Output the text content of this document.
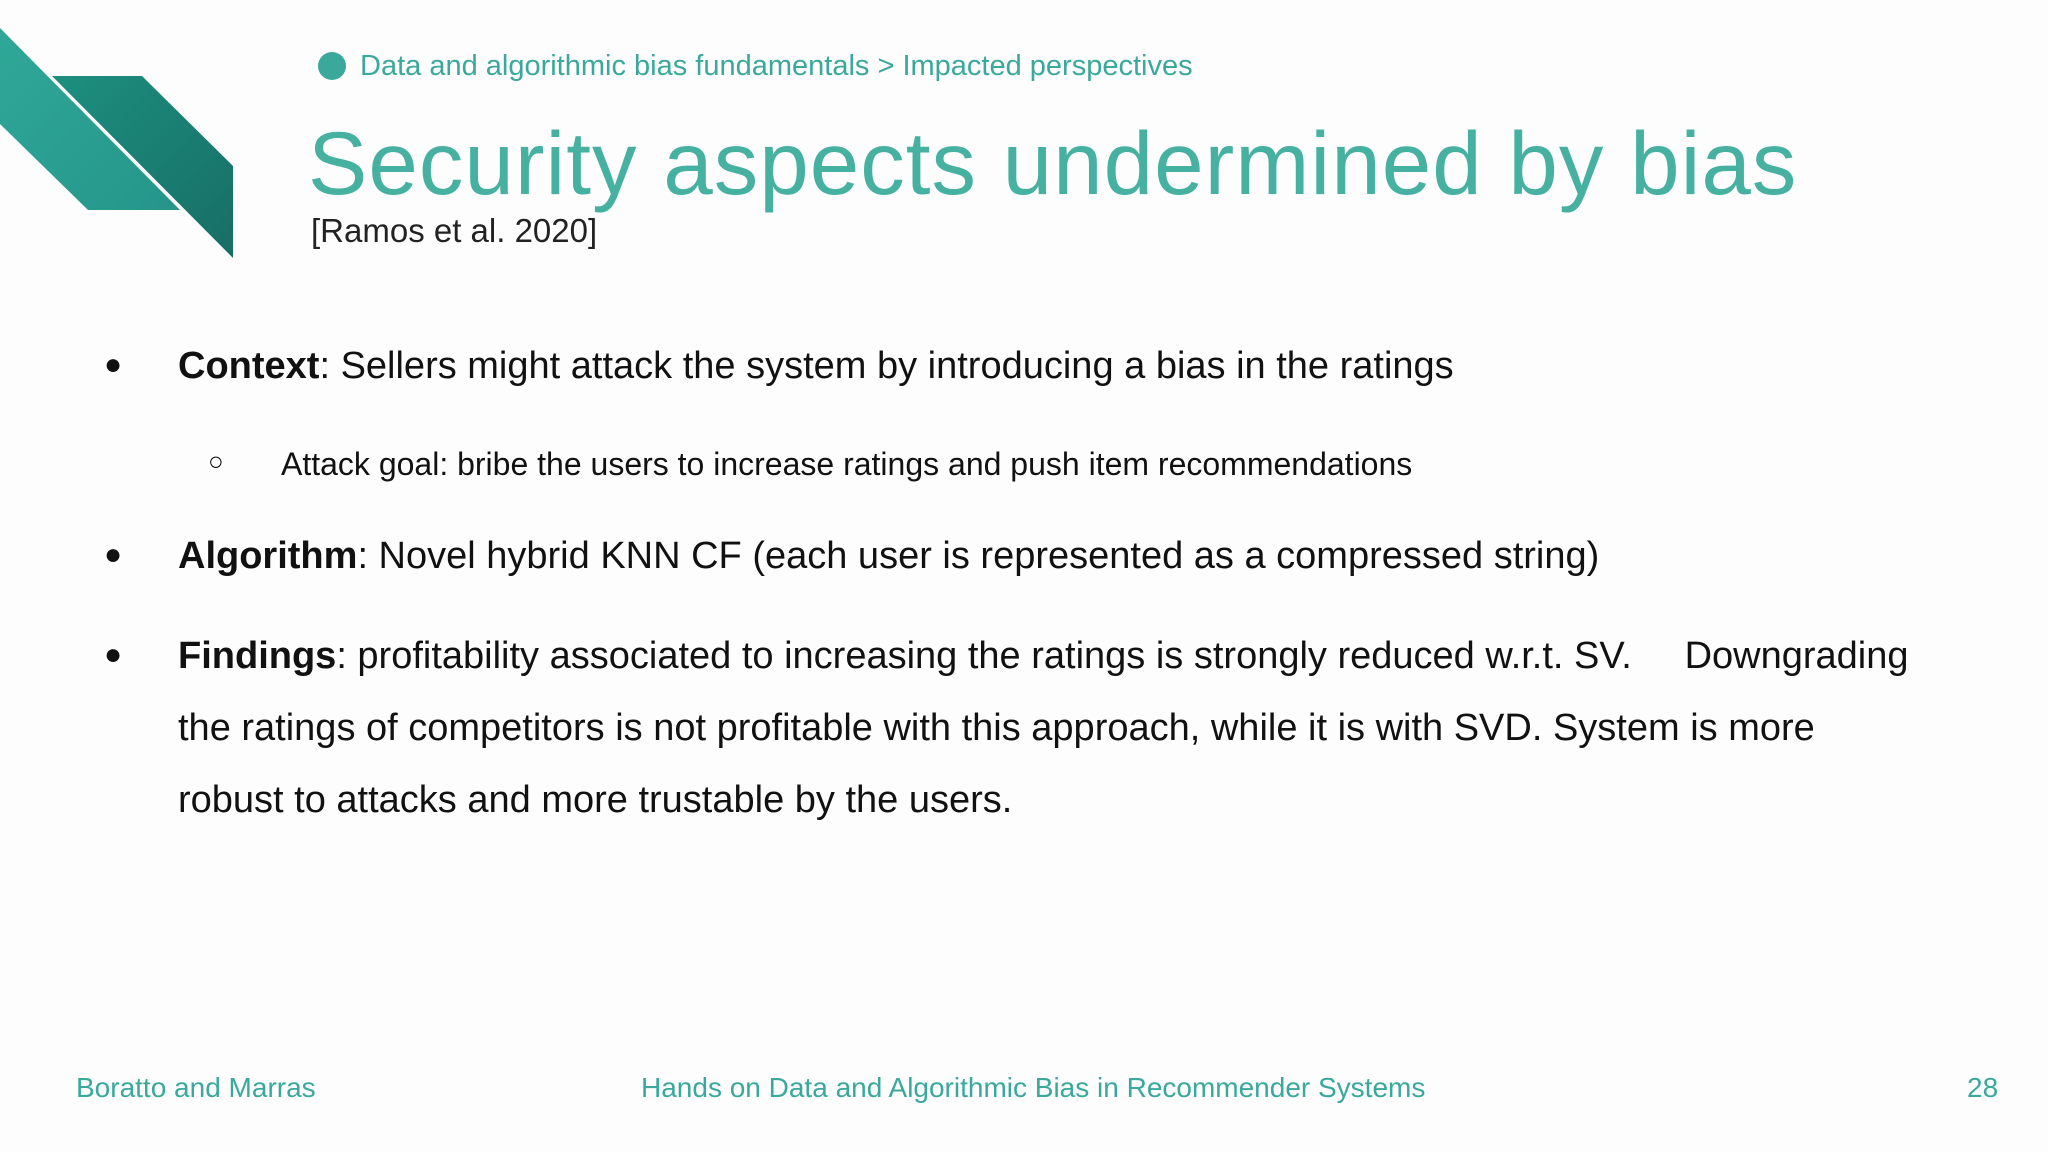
Data and algorithmic bias fundamentals > Impacted perspectives
Security aspects undermined by bias
[Ramos et al. 2020]
● Context: Sellers might attack the system by introducing a bias in the ratings
○ Attack goal: bribe the users to increase ratings and push item recommendations
● Algorithm: Novel hybrid KNN CF (each user is represented as a compressed string)
● Findings: profitability associated to increasing the ratings is strongly reduced w.r.t. SV.     Downgrading
the ratings of competitors is not profitable with this approach, while it is with SVD. System is more
robust to attacks and more trustable by the users.
Boratto and Marras	Hands on Data and Algorithmic Bias in Recommender Systems	28
